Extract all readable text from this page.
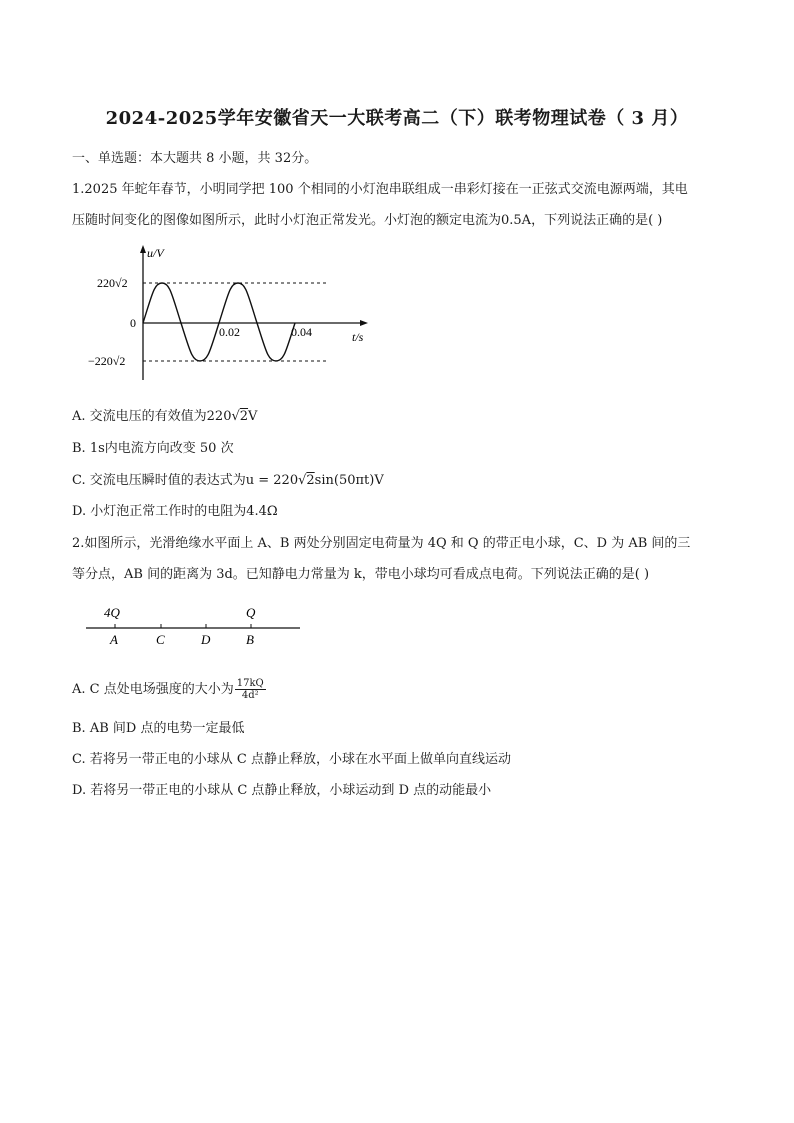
2024-2025学年安徽省天一大联考高二（下）联考物理试卷（ 3 月）
一、单选题：本大题共 8 小题，共 32分。
1.2025 年蛇年春节，小明同学把 100 个相同的小灯泡串联组成一串彩灯接在一正弦式交流电源两端，其电
压随时间变化的图像如图所示，此时小灯泡正常发光。小灯泡的额定电流为0.5A，下列说法正确的是( )
u/V
220√2
0
−220√2
0.02	0.04	t/s
A. 交流电压的有效值为220√2V
B. 1s内电流方向改变 50 次
C. 交流电压瞬时值的表达式为u = 220√2sin(50πt)V
D. 小灯泡正常工作时的电阻为4.4Ω
2.如图所示，光滑绝缘水平面上 A、B 两处分别固定电荷量为 4Q 和 Q 的带正电小球，C、D 为 AB 间的三
等分点，AB 间的距离为 3d。已知静电力常量为 k，带电小球均可看成点电荷。下列说法正确的是( )
4Q	Q
A	C	D	B
A. C 点处电场强度的大小为 $\frac{17kQ}{\text{4d²}}$
B. AB 间D 点的电势一定最低
C. 若将另一带正电的小球从 C 点静止释放，小球在水平面上做单向直线运动
D. 若将另一带正电的小球从 C 点静止释放，小球运动到 D 点的动能最小
